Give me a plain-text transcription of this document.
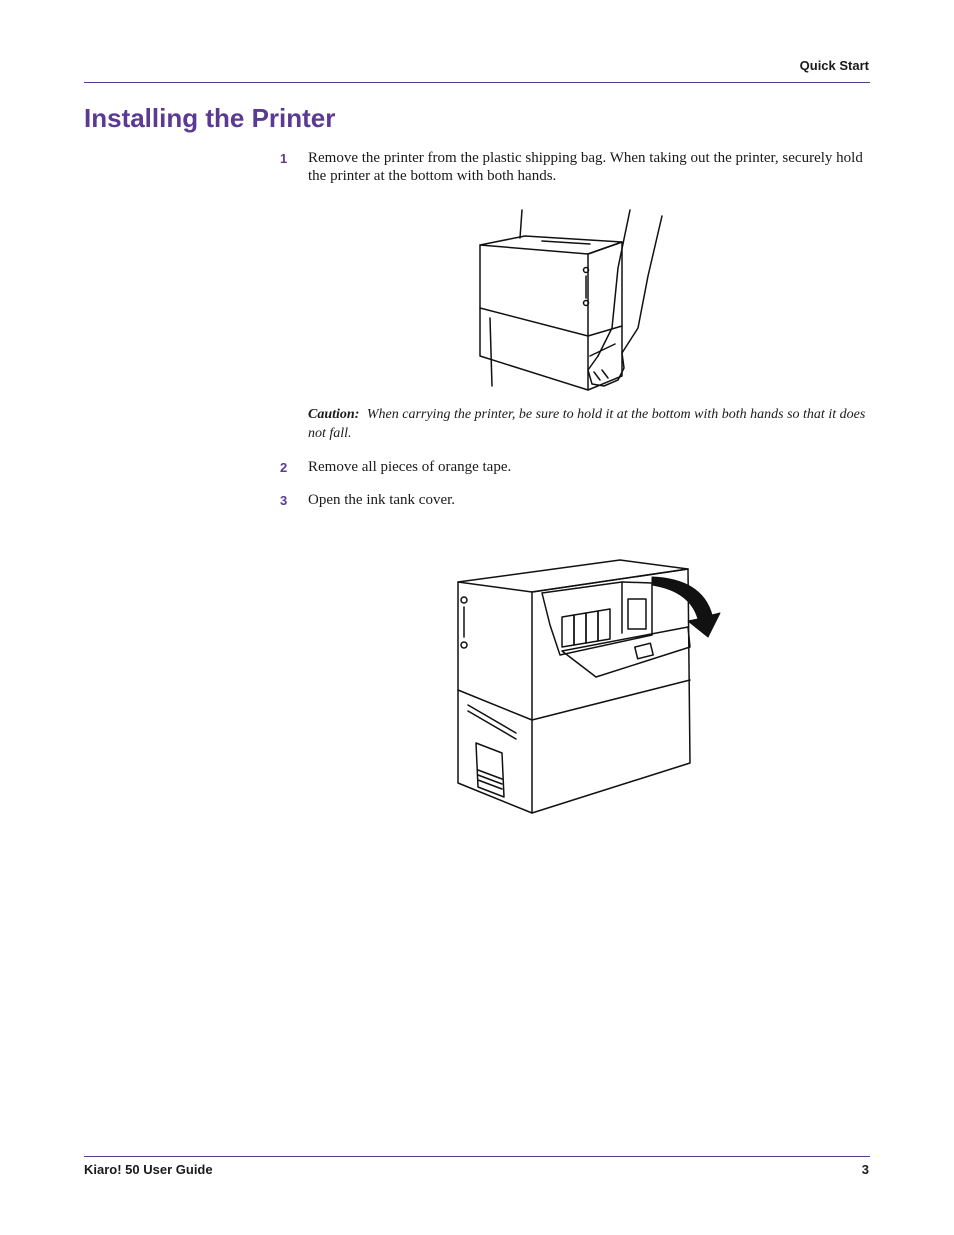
Quick Start
Installing the Printer
1 Remove the printer from the plastic shipping bag. When taking out the printer, securely hold the printer at the bottom with both hands.
Caution: When carrying the printer, be sure to hold it at the bottom with both hands so that it does not fall.
2 Remove all pieces of orange tape.
3 Open the ink tank cover.
Kiaro! 50 User Guide	3
